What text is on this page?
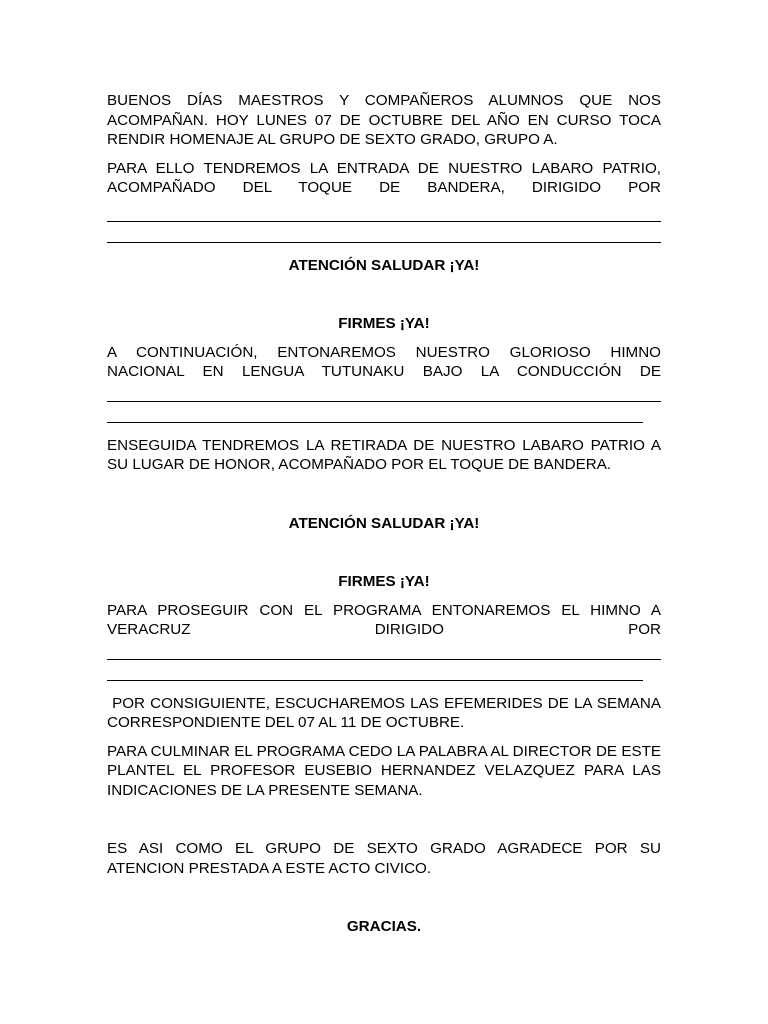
BUENOS DÍAS MAESTROS Y COMPAÑEROS ALUMNOS QUE NOS ACOMPAÑAN. HOY LUNES 07 DE OCTUBRE DEL AÑO EN CURSO TOCA RENDIR HOMENAJE AL GRUPO DE SEXTO GRADO, GRUPO A.

PARA ELLO TENDREMOS LA ENTRADA DE NUESTRO LABARO PATRIO, ACOMPAÑADO DEL TOQUE DE BANDERA, DIRIGIDO POR

ATENCIÓN SALUDAR ¡YA!

FIRMES ¡YA!

A CONTINUACIÓN, ENTONAREMOS NUESTRO GLORIOSO HIMNO NACIONAL EN LENGUA TUTUNAKU BAJO LA CONDUCCIÓN DE

ENSEGUIDA TENDREMOS LA RETIRADA DE NUESTRO LABARO PATRIO A SU LUGAR DE HONOR, ACOMPAÑADO POR EL TOQUE DE BANDERA.

ATENCIÓN SALUDAR ¡YA!

FIRMES ¡YA!

PARA PROSEGUIR CON EL PROGRAMA ENTONAREMOS EL HIMNO A VERACRUZ DIRIGIDO POR

POR CONSIGUIENTE, ESCUCHAREMOS LAS EFEMERIDES DE LA SEMANA CORRESPONDIENTE DEL 07 AL 11 DE OCTUBRE.

PARA CULMINAR EL PROGRAMA CEDO LA PALABRA AL DIRECTOR DE ESTE PLANTEL EL PROFESOR EUSEBIO HERNANDEZ VELAZQUEZ PARA LAS INDICACIONES DE LA PRESENTE SEMANA.

ES ASI COMO EL GRUPO DE SEXTO GRADO AGRADECE POR SU ATENCION PRESTADA A ESTE ACTO CIVICO.

GRACIAS.
